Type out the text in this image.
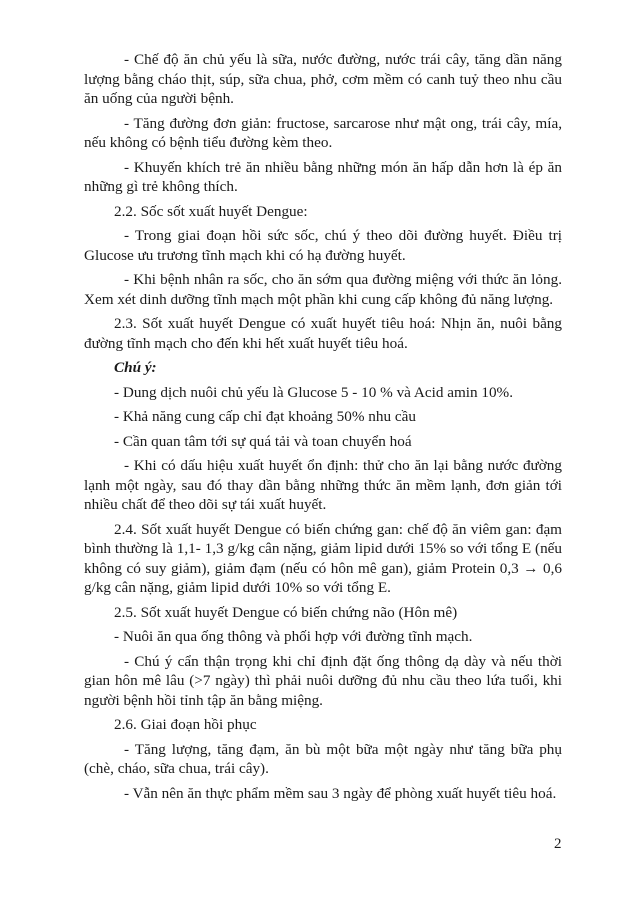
- Chế độ ăn chủ yếu là sữa, nước đường, nước trái cây, tăng dần năng lượng bằng cháo thịt, súp, sữa chua, phở, cơm mềm có canh tuỷ theo nhu cầu ăn uống của người bệnh.

- Tăng đường đơn giản: fructose, sarcarose như mật ong, trái cây, mía, nếu không có bệnh tiểu đường kèm theo.

- Khuyến khích trẻ ăn nhiều bằng những món ăn hấp dẫn hơn là ép ăn những gì trẻ không thích.

2.2. Sốc sốt xuất huyết Dengue:

- Trong giai đoạn hồi sức sốc, chú ý theo dõi đường huyết. Điều trị Glucose ưu trương tĩnh mạch khi có hạ đường huyết.

- Khi bệnh nhân ra sốc, cho ăn sớm qua đường miệng với thức ăn lỏng. Xem xét dinh dưỡng tĩnh mạch một phần khi cung cấp không đủ năng lượng.

2.3. Sốt xuất huyết Dengue có xuất huyết tiêu hoá: Nhịn ăn, nuôi bằng đường tĩnh mạch cho đến khi hết xuất huyết tiêu hoá.

Chú ý:

- Dung dịch nuôi chủ yếu là Glucose 5 - 10 % và Acid amin 10%.

- Khả năng cung cấp chỉ đạt khoảng 50% nhu cầu

- Cần quan tâm tới sự quá tải và toan chuyển hoá

- Khi có dấu hiệu xuất huyết ổn định: thử cho ăn lại bằng nước đường lạnh một ngày, sau đó thay dần bằng những thức ăn mềm lạnh, đơn giản tới nhiều chất để theo dõi sự tái xuất huyết.

2.4. Sốt xuất huyết Dengue có biến chứng gan: chế độ ăn viêm gan: đạm bình thường là 1,1- 1,3 g/kg cân nặng, giảm lipid dưới 15% so với tổng E (nếu không có suy giảm), giảm đạm (nếu có hôn mê gan), giảm Protein 0,3 → 0,6 g/kg cân nặng, giảm lipid dưới 10% so với tổng E.

2.5. Sốt xuất huyết Dengue có biến chứng não (Hôn mê)

- Nuôi ăn qua ống thông và phối hợp với đường tĩnh mạch.

- Chú ý cẩn thận trọng khi chỉ định đặt ống thông dạ dày và nếu thời gian hôn mê lâu (>7 ngày) thì phải nuôi dưỡng đủ nhu cầu theo lứa tuổi, khi người bệnh hồi tỉnh tập ăn bằng miệng.

2.6. Giai đoạn hồi phục

- Tăng lượng, tăng đạm, ăn bù một bữa một ngày như tăng bữa phụ (chè, cháo, sữa chua, trái cây).

- Vẫn nên ăn thực phẩm mềm sau 3 ngày để phòng xuất huyết tiêu hoá.

2
